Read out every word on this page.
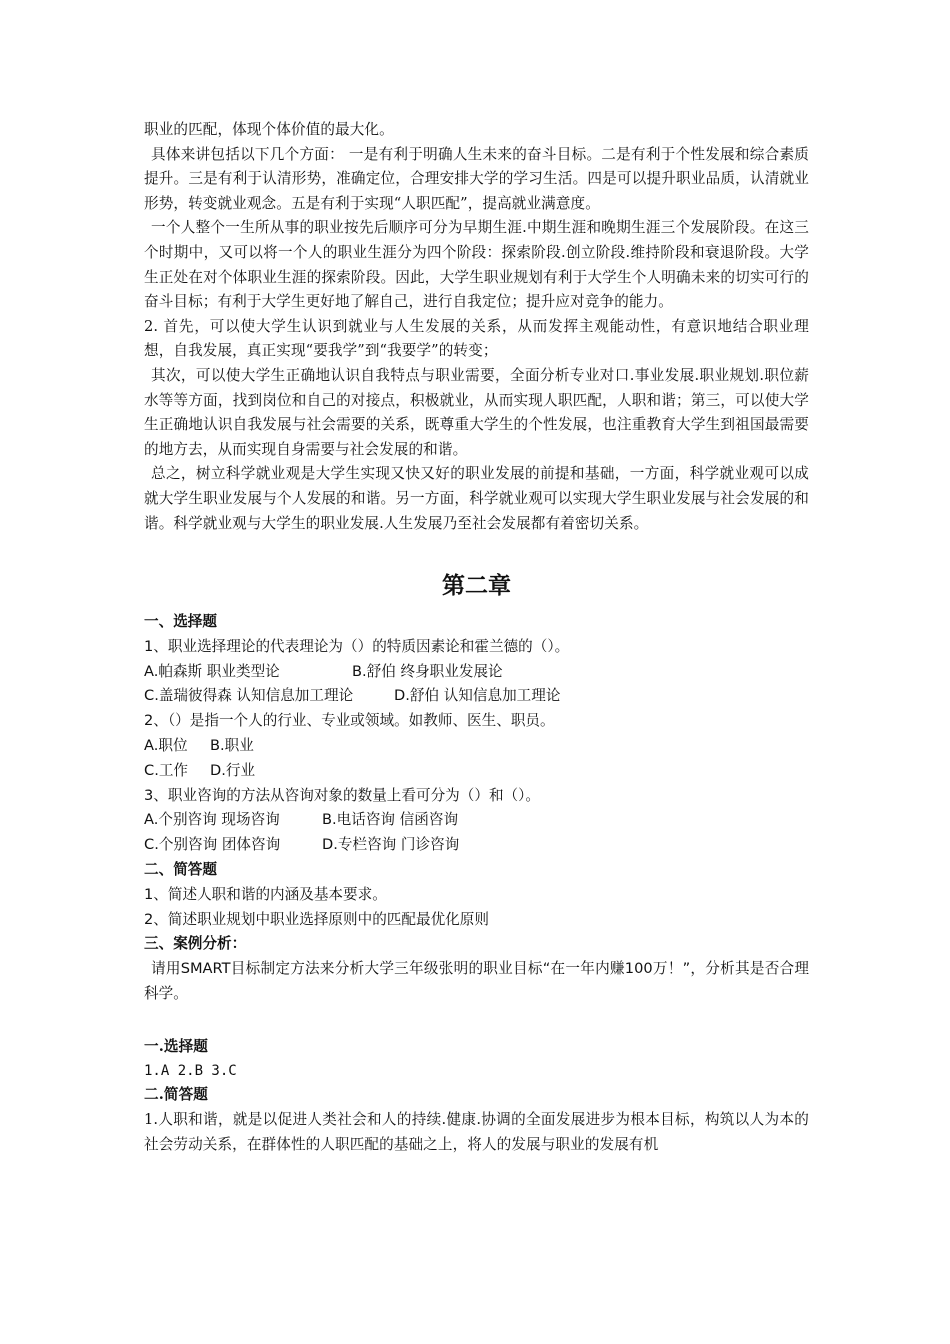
职业的匹配，体现个体价值的最大化。

具体来讲包括以下几个方面： 一是有利于明确人生未来的奋斗目标。二是有利于个性发展和综合素质提升。三是有利于认清形势，准确定位，合理安排大学的学习生活。四是可以提升职业品质，认清就业形势，转变就业观念。五是有利于实现“人职匹配”，提高就业满意度。

一个人整个一生所从事的职业按先后顺序可分为早期生涯.中期生涯和晚期生涯三个发展阶段。在这三个时期中，又可以将一个人的职业生涯分为四个阶段：探索阶段.创立阶段.维持阶段和衰退阶段。大学生正处在对个体职业生涯的探索阶段。因此，大学生职业规划有利于大学生个人明确未来的切实可行的奋斗目标；有利于大学生更好地了解自己，进行自我定位；提升应对竞争的能力。

2. 首先，可以使大学生认识到就业与人生发展的关系，从而发挥主观能动性，有意识地结合职业理想，自我发展，真正实现“要我学”到“我要学”的转变；

其次，可以使大学生正确地认识自我特点与职业需要，全面分析专业对口.事业发展.职业规划.职位薪水等等方面，找到岗位和自己的对接点，积极就业，从而实现人职匹配，人职和谐；第三，可以使大学生正确地认识自我发展与社会需要的关系，既尊重大学生的个性发展，也注重教育大学生到祖国最需要的地方去，从而实现自身需要与社会发展的和谐。

总之，树立科学就业观是大学生实现又快又好的职业发展的前提和基础，一方面，科学就业观可以成就大学生职业发展与个人发展的和谐。另一方面，科学就业观可以实现大学生职业发展与社会发展的和谐。科学就业观与大学生的职业发展.人生发展乃至社会发展都有着密切关系。

第二章

一、选择题

1、职业选择理论的代表理论为（）的特质因素论和霍兰德的（）。

A.帕森斯 职业类型论	B.舒伯 终身职业发展论
C.盖瑞彼得森 认知信息加工理论	D.舒伯 认知信息加工理论

2、（）是指一个人的行业、专业或领域。如教师、医生、职员。

A.职位	B.职业
C.工作	D.行业

3、职业咨询的方法从咨询对象的数量上看可分为（）和（）。

A.个别咨询 现场咨询	B.电话咨询 信函咨询
C.个别咨询 团体咨询	D.专栏咨询 门诊咨询

二、简答题

1、简述人职和谐的内涵及基本要求。

2、简述职业规划中职业选择原则中的匹配最优化原则

三、案例分析：

请用SMART目标制定方法来分析大学三年级张明的职业目标“在一年内赚100万！”，分析其是否合理科学。

一.选择题

1.A 2.B 3.C

二.简答题

1.人职和谐，就是以促进人类社会和人的持续.健康.协调的全面发展进步为根本目标，构筑以人为本的社会劳动关系，在群体性的人职匹配的基础之上，将人的发展与职业的发展有机
